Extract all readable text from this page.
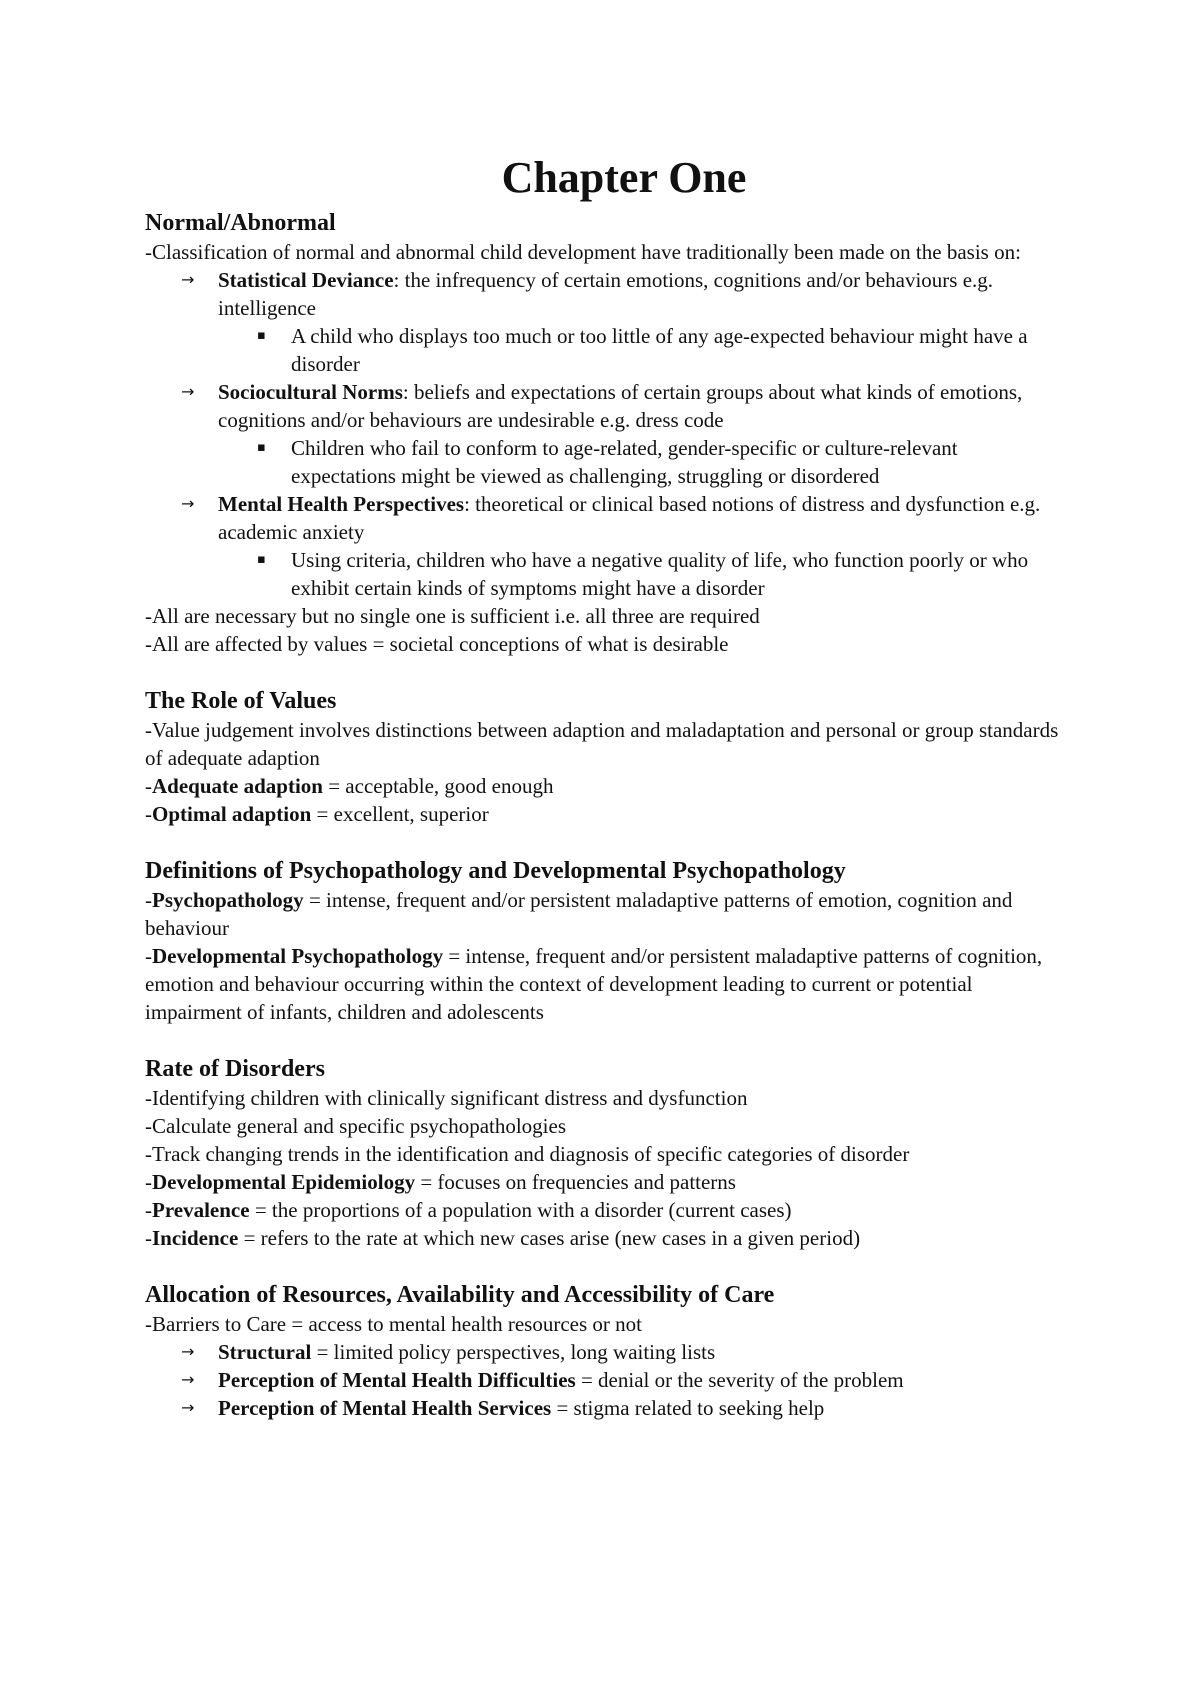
Chapter One
Normal/Abnormal

-Classification of normal and abnormal child development have traditionally been made on the basis on:

→ Statistical Deviance: the infrequency of certain emotions, cognitions and/or behaviours e.g. intelligence
▪ A child who displays too much or too little of any age-expected behaviour might have a disorder
→ Sociocultural Norms: beliefs and expectations of certain groups about what kinds of emotions, cognitions and/or behaviours are undesirable e.g. dress code
▪ Children who fail to conform to age-related, gender-specific or culture-relevant expectations might be viewed as challenging, struggling or disordered
→ Mental Health Perspectives: theoretical or clinical based notions of distress and dysfunction e.g. academic anxiety
▪ Using criteria, children who have a negative quality of life, who function poorly or who exhibit certain kinds of symptoms might have a disorder

-All are necessary but no single one is sufficient i.e. all three are required

-All are affected by values = societal conceptions of what is desirable

The Role of Values

-Value judgement involves distinctions between adaption and maladaptation and personal or group standards of adequate adaption

-Adequate adaption = acceptable, good enough

-Optimal adaption = excellent, superior

Definitions of Psychopathology and Developmental Psychopathology

-Psychopathology = intense, frequent and/or persistent maladaptive patterns of emotion, cognition and behaviour

-Developmental Psychopathology = intense, frequent and/or persistent maladaptive patterns of cognition, emotion and behaviour occurring within the context of development leading to current or potential impairment of infants, children and adolescents

Rate of Disorders

-Identifying children with clinically significant distress and dysfunction

-Calculate general and specific psychopathologies

-Track changing trends in the identification and diagnosis of specific categories of disorder

-Developmental Epidemiology = focuses on frequencies and patterns

-Prevalence = the proportions of a population with a disorder (current cases)

-Incidence = refers to the rate at which new cases arise (new cases in a given period)

Allocation of Resources, Availability and Accessibility of Care

-Barriers to Care = access to mental health resources or not

→ Structural = limited policy perspectives, long waiting lists
→ Perception of Mental Health Difficulties = denial or the severity of the problem
→ Perception of Mental Health Services = stigma related to seeking help
